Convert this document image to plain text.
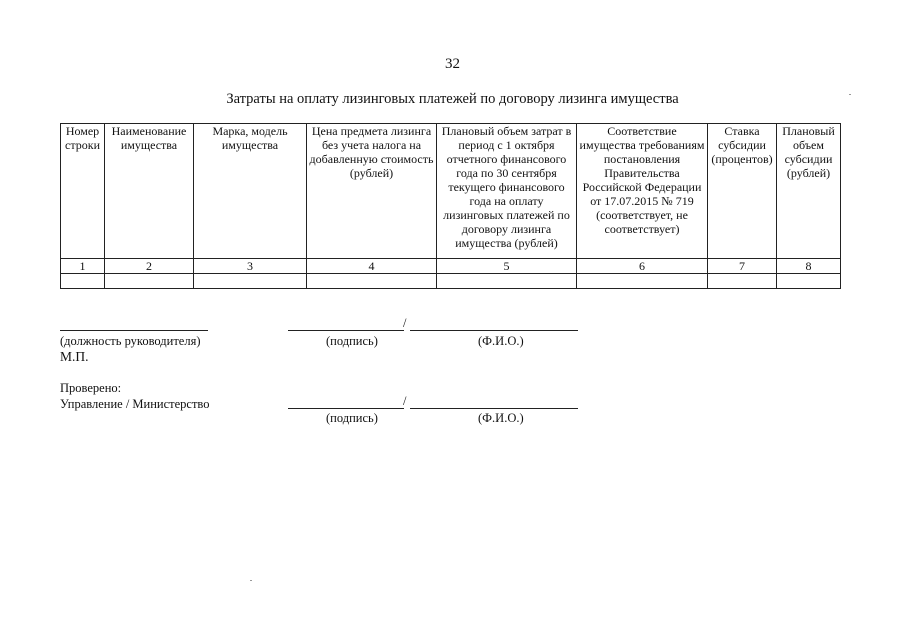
32
Затраты на оплату лизинговых платежей по договору лизинга имущества
Номер строки	Наименование имущества	Марка, модель имущества	Цена предмета лизинга без учета налога на добавленную стоимость (рублей)	Плановый объем затрат в период с 1 октября отчетного финансового года по 30 сентября текущего финансового года на оплату лизинговых платежей по договору лизинга имущества (рублей)	Соответствие имущества требованиям постановления Правительства Российской Федерации от 17.07.2015 № 719 (соответствует, не соответствует)	Ставка субсидии (процентов)	Плановый объем субсидии (рублей)
1	2	3	4	5	6	7	8

/
(должность руководителя)	(подпись)	(Ф.И.О.)
М.П.
Проверено:
Управление / Министерство	/
(подпись)	(Ф.И.О.)
